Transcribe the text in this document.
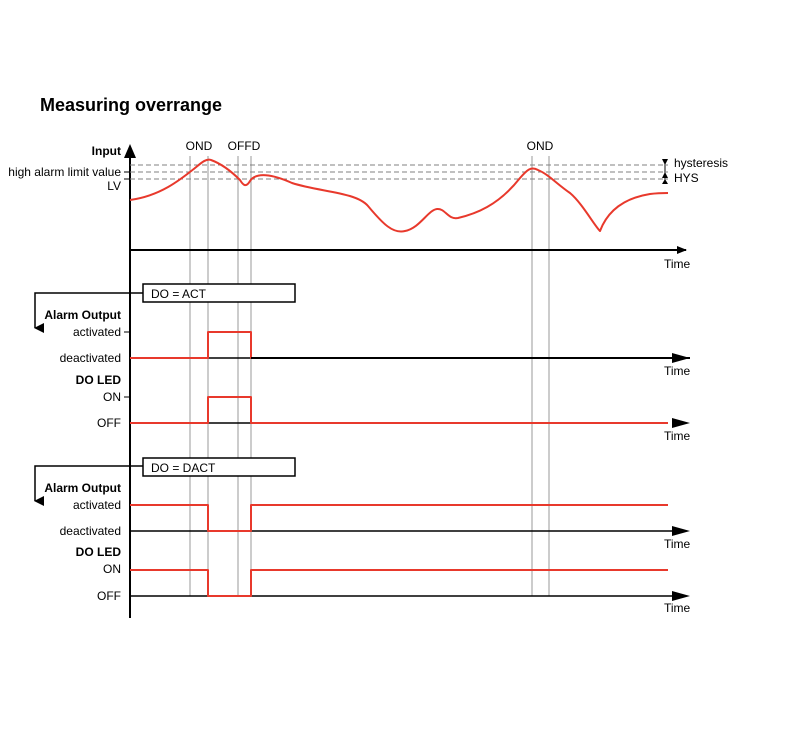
Measuring overrange
Input
high alarm limit value
LV
OND OFFD	OND
hysteresis
HYS
Time
DO = ACT
Alarm Output
activated
deactivated
Time
DO LED
ON
OFF
Time
DO = DACT
Alarm Output
activated
deactivated
Time
DO LED
ON
OFF
Time
